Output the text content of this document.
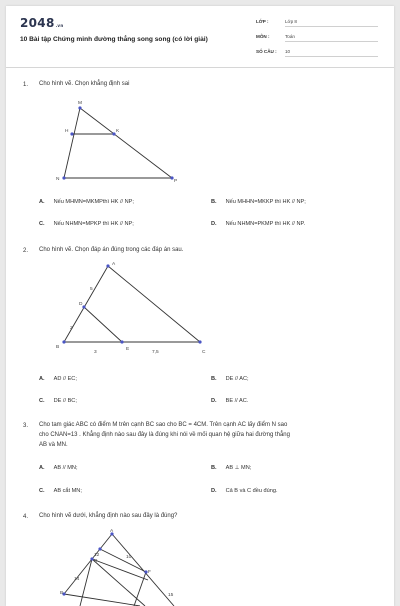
2048.vn
10 Bài tập Chứng minh đường thẳng song song (có lời giải)
LỚP :	Lớp 8
MÔN :	Toán
SỐ CÂU : 10
1. Cho hình vẽ. Chọn khẳng định sai
M
H	K
N	P
A. Nếu MHMN=MKMPthì HK // NP;	B. Nếu MHHN=MKKP thì HK // NP;
C. Nếu NHMN=MPKP thì HK // NP;	D. Nếu NHMN=PKMP thì HK // NP.
2. Cho hình vẽ. Chọn đáp án đúng trong các đáp án sau.
A
D
B	E
C
5
2
3	7,5
A. AD // EC;	B. DE // AC;
C. DE // BC;	D. BE // AC.
3. Cho tam giác ABC có điểm M trên cạnh BC sao cho BC = 4CM. Trên cạnh AC lấy điểm N sao
cho CNAN=13 . Khẳng định nào sau đây là đúng khi nói về mối quan hệ giữa hai đường thẳng
AB và MN.
A. AB // MN;	B. AB ⊥ MN;
C. AB cắt MN;	D. Cả B và C đều đúng.
4. Cho hình vẽ dưới, khẳng định nào sau đây là đúng?
A
D
B
F
12	10
14
15
